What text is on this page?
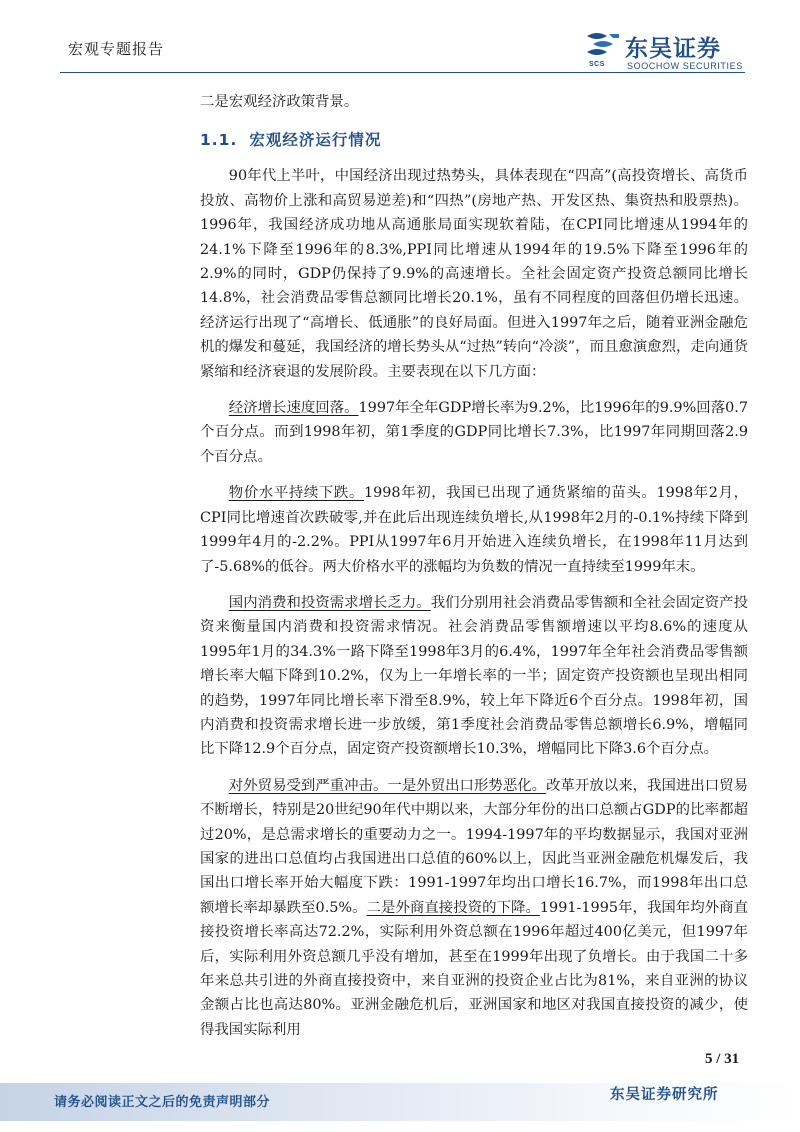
宏观专题报告
SCS
东吴证券
SOOCHOW SECURITIES

二是宏观经济政策背景。

1.1. 宏观经济运行情况

90年代上半叶，中国经济出现过热势头，具体表现在“四高”(高投资增长、高货币投放、高物价上涨和高贸易逆差)和“四热”(房地产热、开发区热、集资热和股票热)。1996年，我国经济成功地从高通胀局面实现软着陆，在CPI同比增速从1994年的24.1%下降至1996年的8.3%,PPI同比增速从1994年的19.5%下降至1996年的2.9%的同时，GDP仍保持了9.9%的高速增长。全社会固定资产投资总额同比增长14.8%，社会消费品零售总额同比增长20.1%，虽有不同程度的回落但仍增长迅速。经济运行出现了“高增长、低通胀”的良好局面。但进入1997年之后，随着亚洲金融危机的爆发和蔓延，我国经济的增长势头从“过热”转向“冷淡”，而且愈演愈烈，走向通货紧缩和经济衰退的发展阶段。主要表现在以下几方面：

经济增长速度回落。1997年全年GDP增长率为9.2%，比1996年的9.9%回落0.7个百分点。而到1998年初，第1季度的GDP同比增长7.3%，比1997年同期回落2.9个百分点。

物价水平持续下跌。1998年初，我国已出现了通货紧缩的苗头。1998年2月，CPI同比增速首次跌破零,并在此后出现连续负增长,从1998年2月的-0.1%持续下降到1999年4月的-2.2%。PPI从1997年6月开始进入连续负增长，在1998年11月达到了-5.68%的低谷。两大价格水平的涨幅均为负数的情况一直持续至1999年末。

国内消费和投资需求增长乏力。我们分别用社会消费品零售额和全社会固定资产投资来衡量国内消费和投资需求情况。社会消费品零售额增速以平均8.6%的速度从1995年1月的34.3%一路下降至1998年3月的6.4%，1997年全年社会消费品零售额增长率大幅下降到10.2%，仅为上一年增长率的一半；固定资产投资额也呈现出相同的趋势，1997年同比增长率下滑至8.9%，较上年下降近6个百分点。1998年初，国内消费和投资需求增长进一步放缓，第1季度社会消费品零售总额增长6.9%，增幅同比下降12.9个百分点，固定资产投资额增长10.3%，增幅同比下降3.6个百分点。

对外贸易受到严重冲击。一是外贸出口形势恶化。改革开放以来，我国进出口贸易不断增长，特别是20世纪90年代中期以来，大部分年份的出口总额占GDP的比率都超过20%，是总需求增长的重要动力之一。1994-1997年的平均数据显示，我国对亚洲国家的进出口总值均占我国进出口总值的60%以上，因此当亚洲金融危机爆发后，我国出口增长率开始大幅度下跌：1991-1997年均出口增长16.7%，而1998年出口总额增长率却暴跌至0.5%。二是外商直接投资的下降。1991-1995年，我国年均外商直接投资增长率高达72.2%，实际利用外资总额在1996年超过400亿美元，但1997年后，实际利用外资总额几乎没有增加，甚至在1999年出现了负增长。由于我国二十多年来总共引进的外商直接投资中，来自亚洲的投资企业占比为81%，来自亚洲的协议金额占比也高达80%。亚洲金融危机后，亚洲国家和地区对我国直接投资的减少，使得我国实际利用

5 / 31
请务必阅读正文之后的免责声明部分	东吴证券研究所
